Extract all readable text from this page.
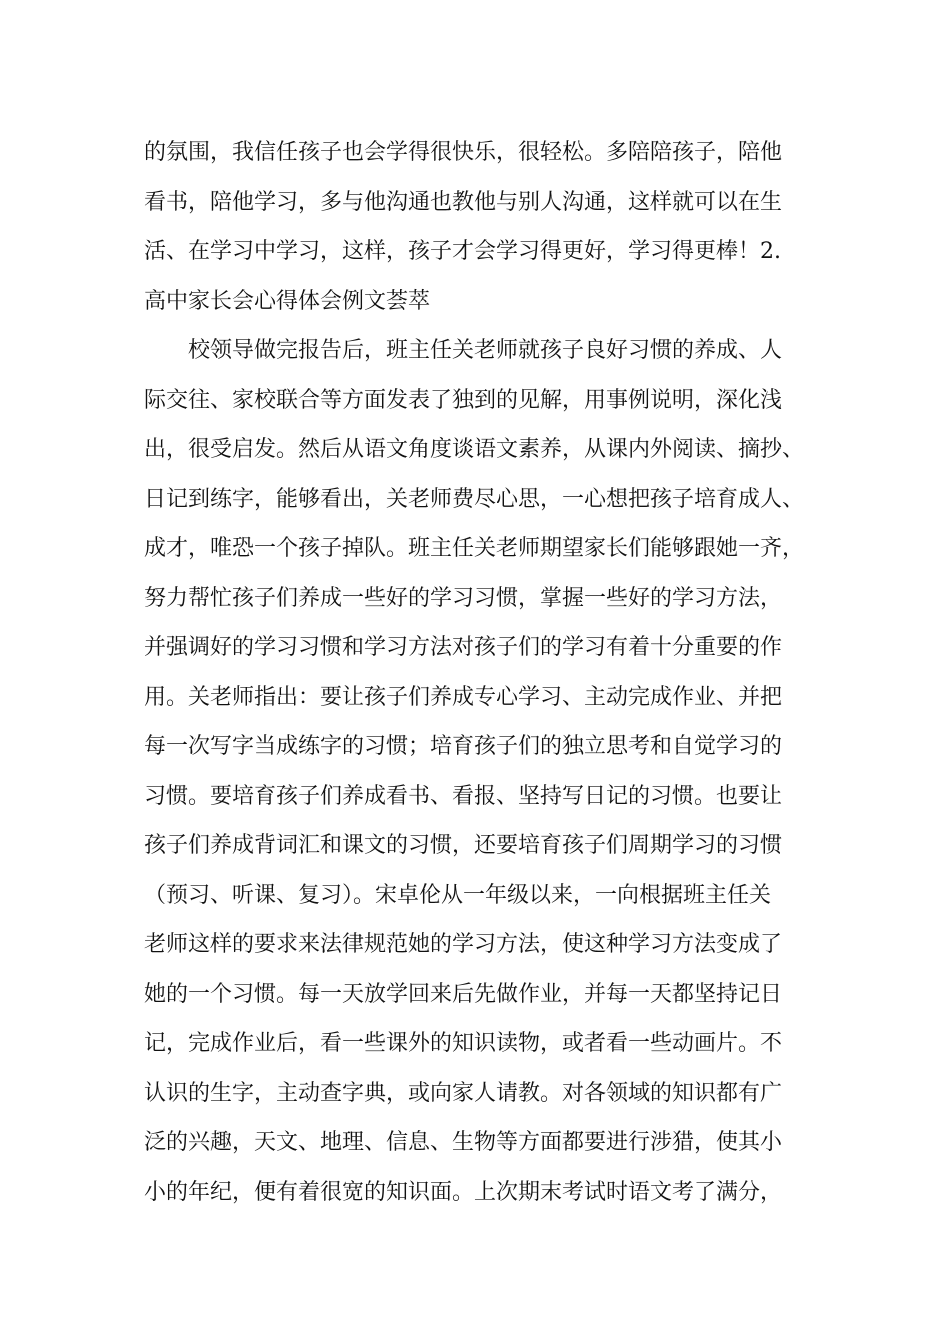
的氛围，我信任孩子也会学得很快乐，很轻松。多陪陪孩子，陪他
看书，陪他学习，多与他沟通也教他与别人沟通，这样就可以在生
活、在学习中学习，这样，孩子才会学习得更好，学习得更棒！2.
高中家长会心得体会例文荟萃
　　校领导做完报告后，班主任关老师就孩子良好习惯的养成、人
际交往、家校联合等方面发表了独到的见解，用事例说明，深化浅
出，很受启发。然后从语文角度谈语文素养，从课内外阅读、摘抄、
日记到练字，能够看出，关老师费尽心思，一心想把孩子培育成人、
成才，唯恐一个孩子掉队。班主任关老师期望家长们能够跟她一齐，
努力帮忙孩子们养成一些好的学习习惯，掌握一些好的学习方法，
并强调好的学习习惯和学习方法对孩子们的学习有着十分重要的作
用。关老师指出：要让孩子们养成专心学习、主动完成作业、并把
每一次写字当成练字的习惯；培育孩子们的独立思考和自觉学习的
习惯。要培育孩子们养成看书、看报、坚持写日记的习惯。也要让
孩子们养成背词汇和课文的习惯，还要培育孩子们周期学习的习惯
（预习、听课、复习）。宋卓伦从一年级以来，一向根据班主任关
老师这样的要求来法律规范她的学习方法，使这种学习方法变成了
她的一个习惯。每一天放学回来后先做作业，并每一天都坚持记日
记，完成作业后，看一些课外的知识读物，或者看一些动画片。不
认识的生字，主动查字典，或向家人请教。对各领域的知识都有广
泛的兴趣，天文、地理、信息、生物等方面都要进行涉猎，使其小
小的年纪，便有着很宽的知识面。上次期末考试时语文考了满分，
